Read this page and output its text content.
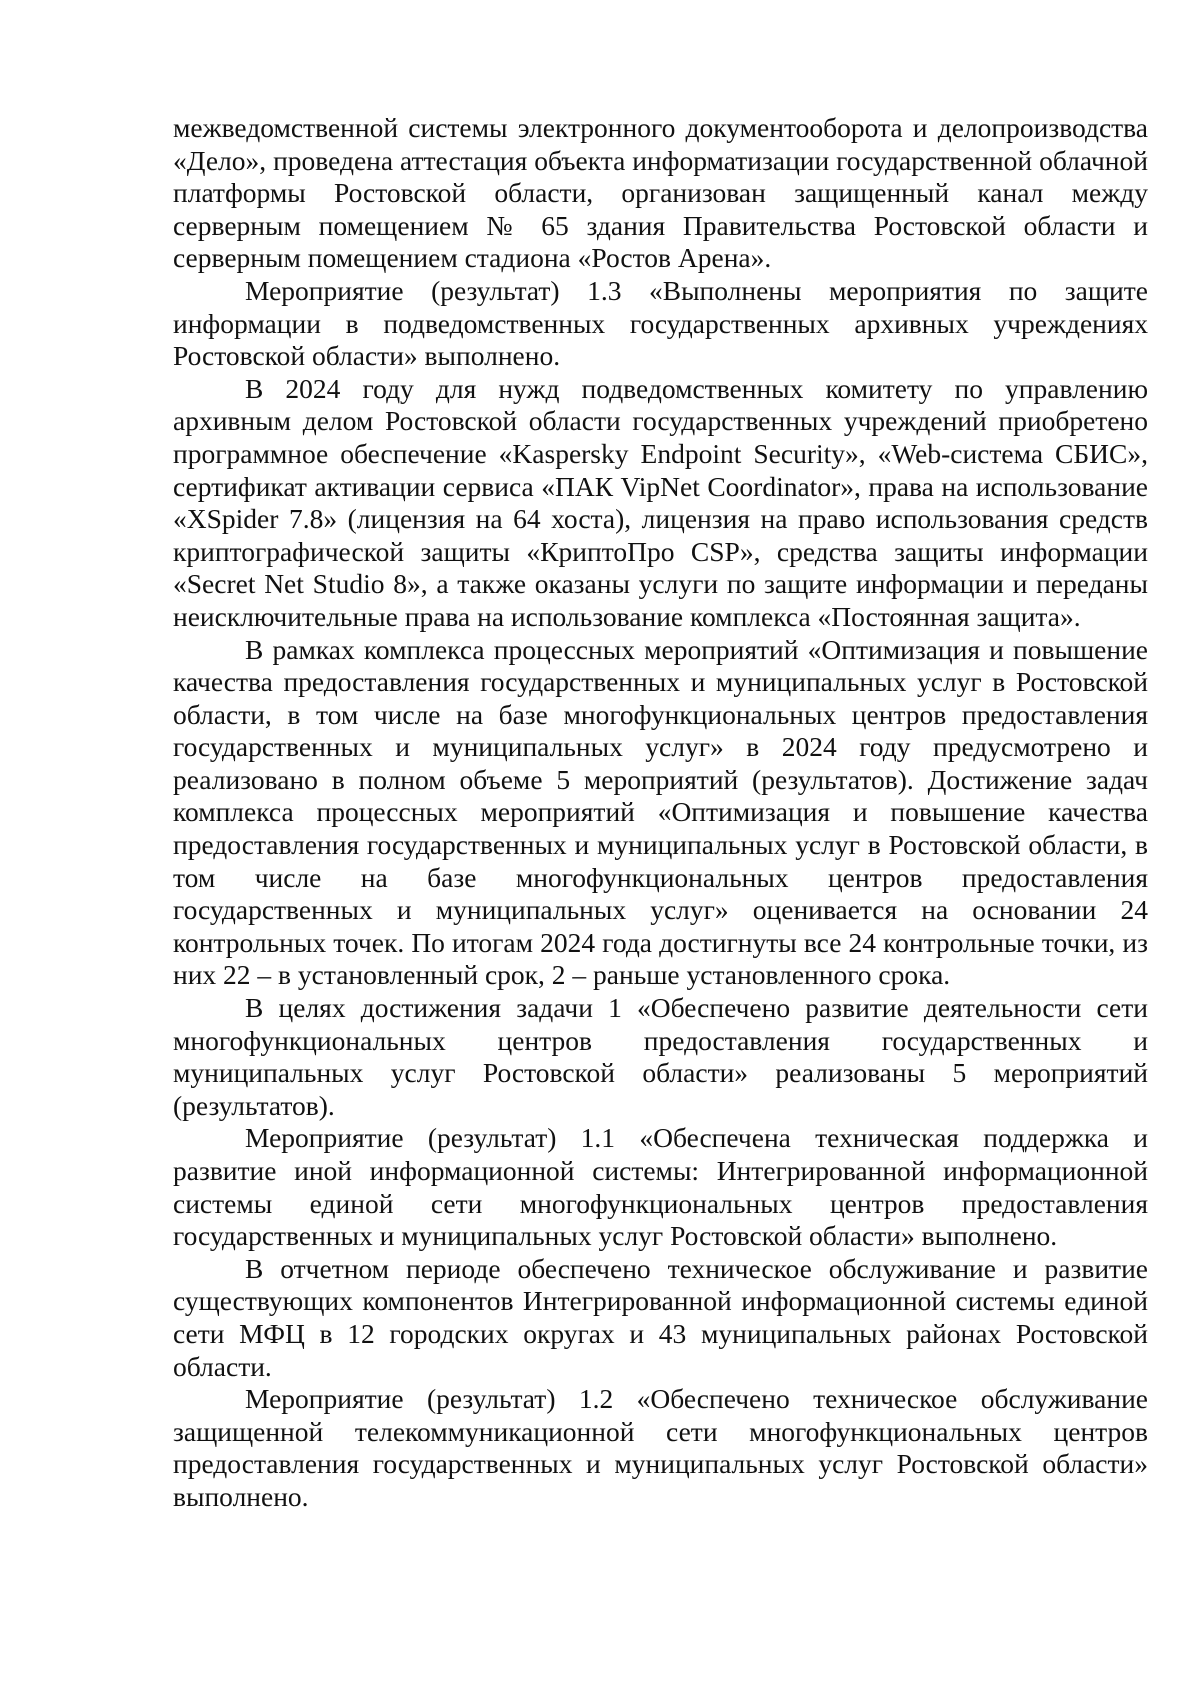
межведомственной системы электронного документооборота и делопроизводства «Дело», проведена аттестация объекта информатизации государственной облачной платформы Ростовской области, организован защищенный канал между серверным помещением № 65 здания Правительства Ростовской области и серверным помещением стадиона «Ростов Арена».

Мероприятие (результат) 1.3 «Выполнены мероприятия по защите информации в подведомственных государственных архивных учреждениях Ростовской области» выполнено.

В 2024 году для нужд подведомственных комитету по управлению архивным делом Ростовской области государственных учреждений приобретено программное обеспечение «Kaspersky Endpoint Security», «Web-система СБИС», сертификат активации сервиса «ПАК VipNet Coordinator», права на использование «XSpider 7.8» (лицензия на 64 хоста), лицензия на право использования средств криптографической защиты «КриптоПро CSP», средства защиты информации «Secret Net Studio 8», а также оказаны услуги по защите информации и переданы неисключительные права на использование комплекса «Постоянная защита».

В рамках комплекса процессных мероприятий «Оптимизация и повышение качества предоставления государственных и муниципальных услуг в Ростовской области, в том числе на базе многофункциональных центров предоставления государственных и муниципальных услуг» в 2024 году предусмотрено и реализовано в полном объеме 5 мероприятий (результатов). Достижение задач комплекса процессных мероприятий «Оптимизация и повышение качества предоставления государственных и муниципальных услуг в Ростовской области, в том числе на базе многофункциональных центров предоставления государственных и муниципальных услуг» оценивается на основании 24 контрольных точек. По итогам 2024 года достигнуты все 24 контрольные точки, из них 22 – в установленный срок, 2 – раньше установленного срока.

В целях достижения задачи 1 «Обеспечено развитие деятельности сети многофункциональных центров предоставления государственных и муниципальных услуг Ростовской области» реализованы 5 мероприятий (результатов).

Мероприятие (результат) 1.1 «Обеспечена техническая поддержка и развитие иной информационной системы: Интегрированной информационной системы единой сети многофункциональных центров предоставления государственных и муниципальных услуг Ростовской области» выполнено.

В отчетном периоде обеспечено техническое обслуживание и развитие существующих компонентов Интегрированной информационной системы единой сети МФЦ в 12 городских округах и 43 муниципальных районах Ростовской области.

Мероприятие (результат) 1.2 «Обеспечено техническое обслуживание защищенной телекоммуникационной сети многофункциональных центров предоставления государственных и муниципальных услуг Ростовской области» выполнено.
